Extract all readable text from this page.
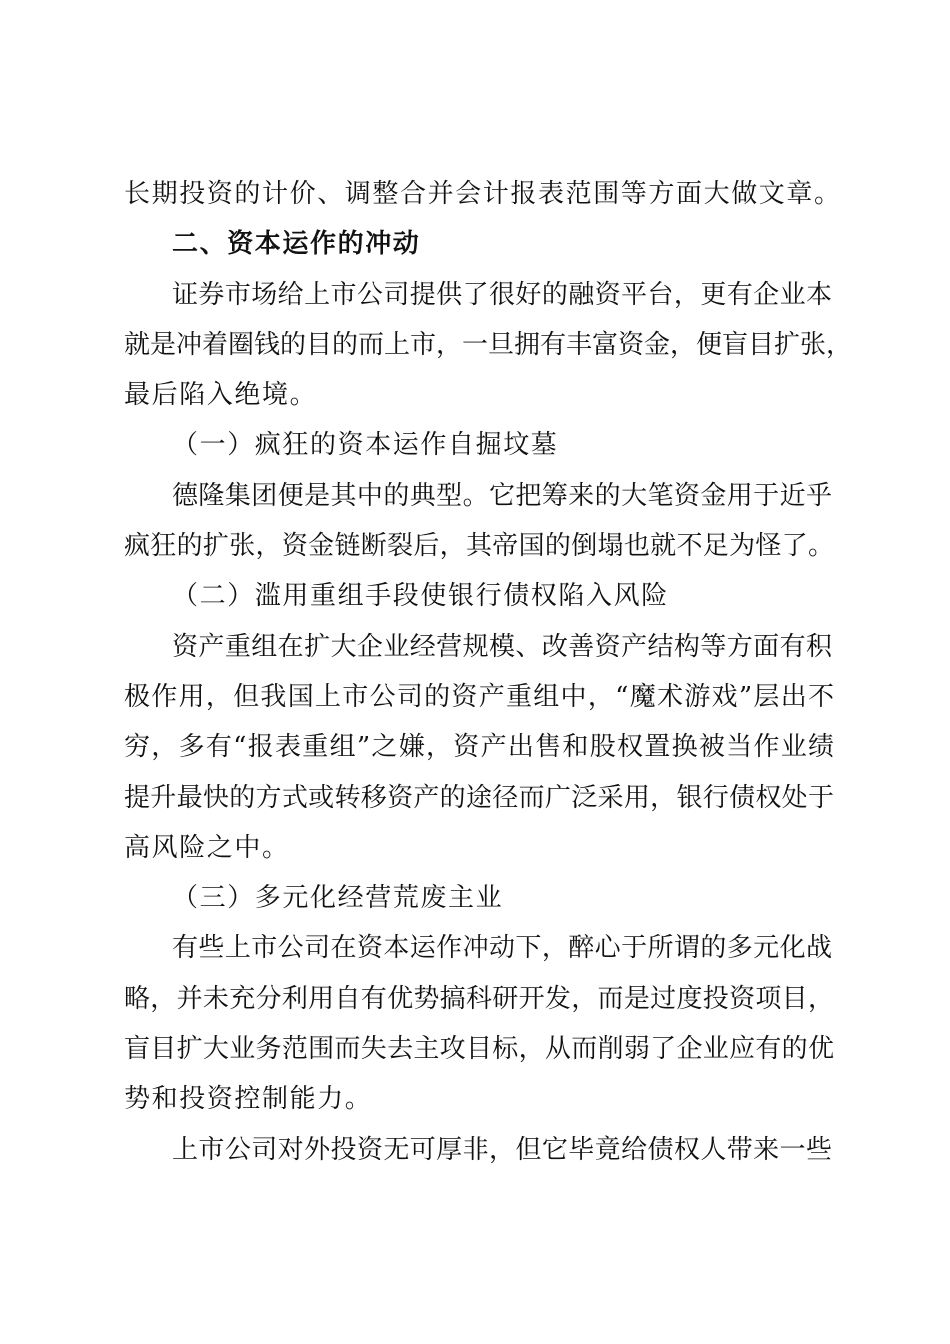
长期投资的计价、调整合并会计报表范围等方面大做文章。
二、资本运作的冲动
证券市场给上市公司提供了很好的融资平台，更有企业本
就是冲着圈钱的目的而上市，一旦拥有丰富资金，便盲目扩张，
最后陷入绝境。
（一）疯狂的资本运作自掘坟墓
德隆集团便是其中的典型。它把筹来的大笔资金用于近乎
疯狂的扩张，资金链断裂后，其帝国的倒塌也就不足为怪了。
（二）滥用重组手段使银行债权陷入风险
资产重组在扩大企业经营规模、改善资产结构等方面有积
极作用，但我国上市公司的资产重组中，“魔术游戏”层出不
穷，多有“报表重组”之嫌，资产出售和股权置换被当作业绩
提升最快的方式或转移资产的途径而广泛采用，银行债权处于
高风险之中。
（三）多元化经营荒废主业
有些上市公司在资本运作冲动下，醉心于所谓的多元化战
略，并未充分利用自有优势搞科研开发，而是过度投资项目，
盲目扩大业务范围而失去主攻目标，从而削弱了企业应有的优
势和投资控制能力。
上市公司对外投资无可厚非，但它毕竟给债权人带来一些
